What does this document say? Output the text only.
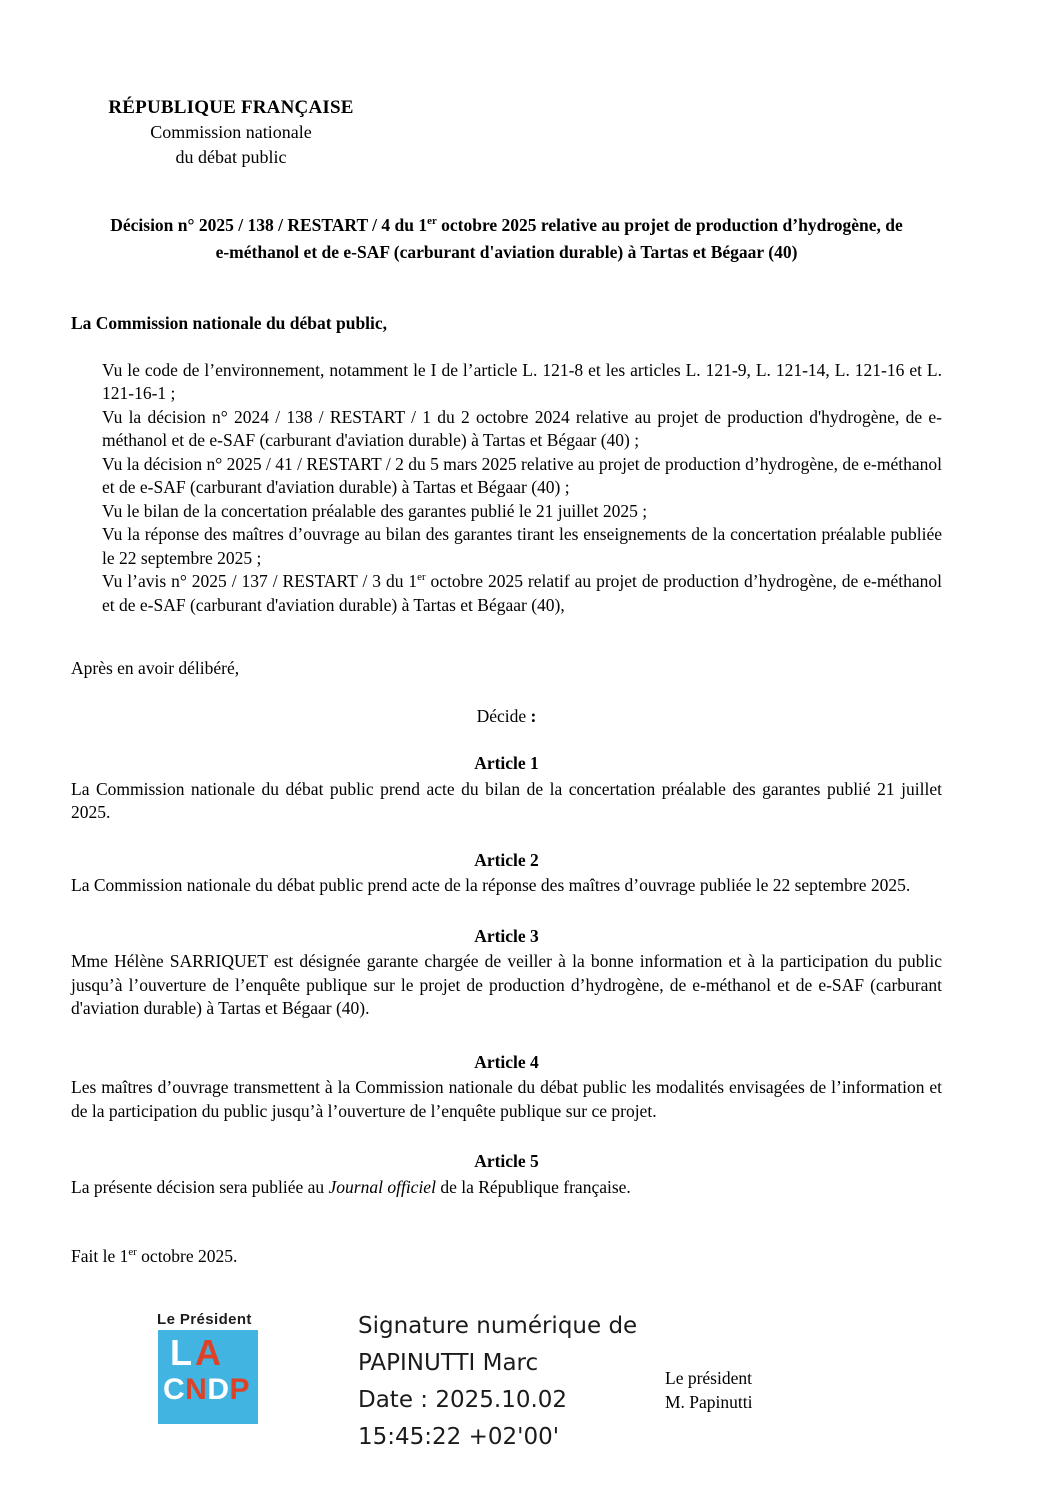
RÉPUBLIQUE FRANÇAISE
Commission nationale
du débat public

Décision n° 2025 / 138 / RESTART / 4 du 1er octobre 2025 relative au projet de production d’hydrogène, de e-méthanol et de e-SAF (carburant d'aviation durable) à Tartas et Bégaar (40)

La Commission nationale du débat public,

Vu le code de l’environnement, notamment le I de l’article L. 121-8 et les articles L. 121-9, L. 121-14, L. 121-16 et L. 121-16-1 ;

Vu la décision n° 2024 / 138 / RESTART / 1 du 2 octobre 2024 relative au projet de production d'hydrogène, de e-méthanol et de e-SAF (carburant d'aviation durable) à Tartas et Bégaar (40) ;

Vu la décision n° 2025 / 41 / RESTART / 2 du 5 mars 2025 relative au projet de production d’hydrogène, de e-méthanol et de e-SAF (carburant d'aviation durable) à Tartas et Bégaar (40) ;

Vu le bilan de la concertation préalable des garantes publié le 21 juillet 2025 ;

Vu la réponse des maîtres d’ouvrage au bilan des garantes tirant les enseignements de la concertation préalable publiée le 22 septembre 2025 ;

Vu l’avis n° 2025 / 137 / RESTART / 3 du 1er octobre 2025 relatif au projet de production d’hydrogène, de e-méthanol et de e-SAF (carburant d'aviation durable) à Tartas et Bégaar (40),

Après en avoir délibéré,

Décide :

Article 1

La Commission nationale du débat public prend acte du bilan de la concertation préalable des garantes publié 21 juillet 2025.

Article 2

La Commission nationale du débat public prend acte de la réponse des maîtres d’ouvrage publiée le 22 septembre 2025.

Article 3

Mme Hélène SARRIQUET est désignée garante chargée de veiller à la bonne information et à la participation du public jusqu’à l’ouverture de l’enquête publique sur le projet de production d’hydrogène, de e-méthanol et de e-SAF (carburant d'aviation durable) à Tartas et Bégaar (40).

Article 4

Les maîtres d’ouvrage transmettent à la Commission nationale du débat public les modalités envisagées de l’information et de la participation du public jusqu’à l’ouverture de l’enquête publique sur ce projet.

Article 5

La présente décision sera publiée au Journal officiel de la République française.

Fait le 1er octobre 2025.

Le Président
LA
CNDP
Signature numérique de
PAPINUTTI Marc
Date : 2025.10.02
15:45:22 +02'00'
Le président
M. Papinutti
